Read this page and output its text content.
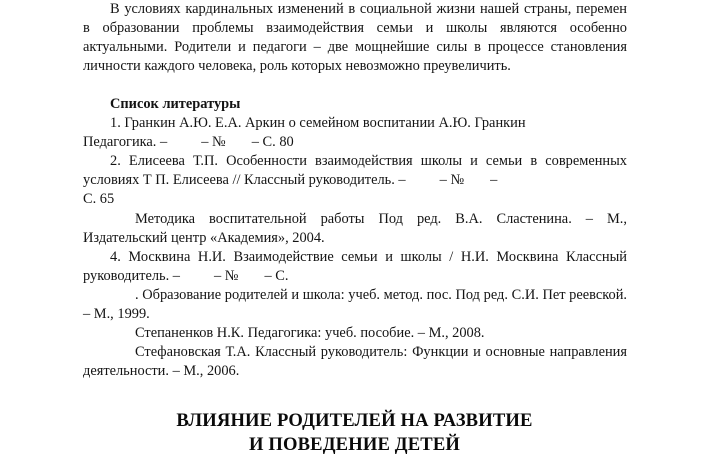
В условиях кардинальных изменений в социальной жизни нашей страны, перемен в образовании проблемы взаимодействия семьи и школы являются особенно актуальными. Родители и педагоги – две мощнейшие силы в процессе становления личности каждого человека, роль которых невозможно преувеличить.

Список литературы

1. Гранкин А.Ю. Е.А. Аркин о семейном воспитании А.Ю. Гранкин

Педагогика. – – № – С. 80

2. Елисеева Т.П. Особенности взаимодействия школы и семьи в современных условиях Т П. Елисеева // Классный руководитель. – – № –

С. 65

Методика воспитательной работы Под ред. В.А. Сластенина. – М., Издательский центр «Академия», 2004.

4. Москвина Н.И. Взаимодействие семьи и школы / Н.И. Москвина Классный руководитель. – – № – С.

. Образование родителей и школа: учеб. метод. пос. Под ред. С.И. Пет реевской. – М., 1999.

Степаненков Н.К. Педагогика: учеб. пособие. – М., 2008.

Стефановская Т.А. Классный руководитель: Функции и основные направления деятельности. – М., 2006.

ВЛИЯНИЕ РОДИТЕЛЕЙ НА РАЗВИТИЕ

И ПОВЕДЕНИЕ ДЕТЕЙ
